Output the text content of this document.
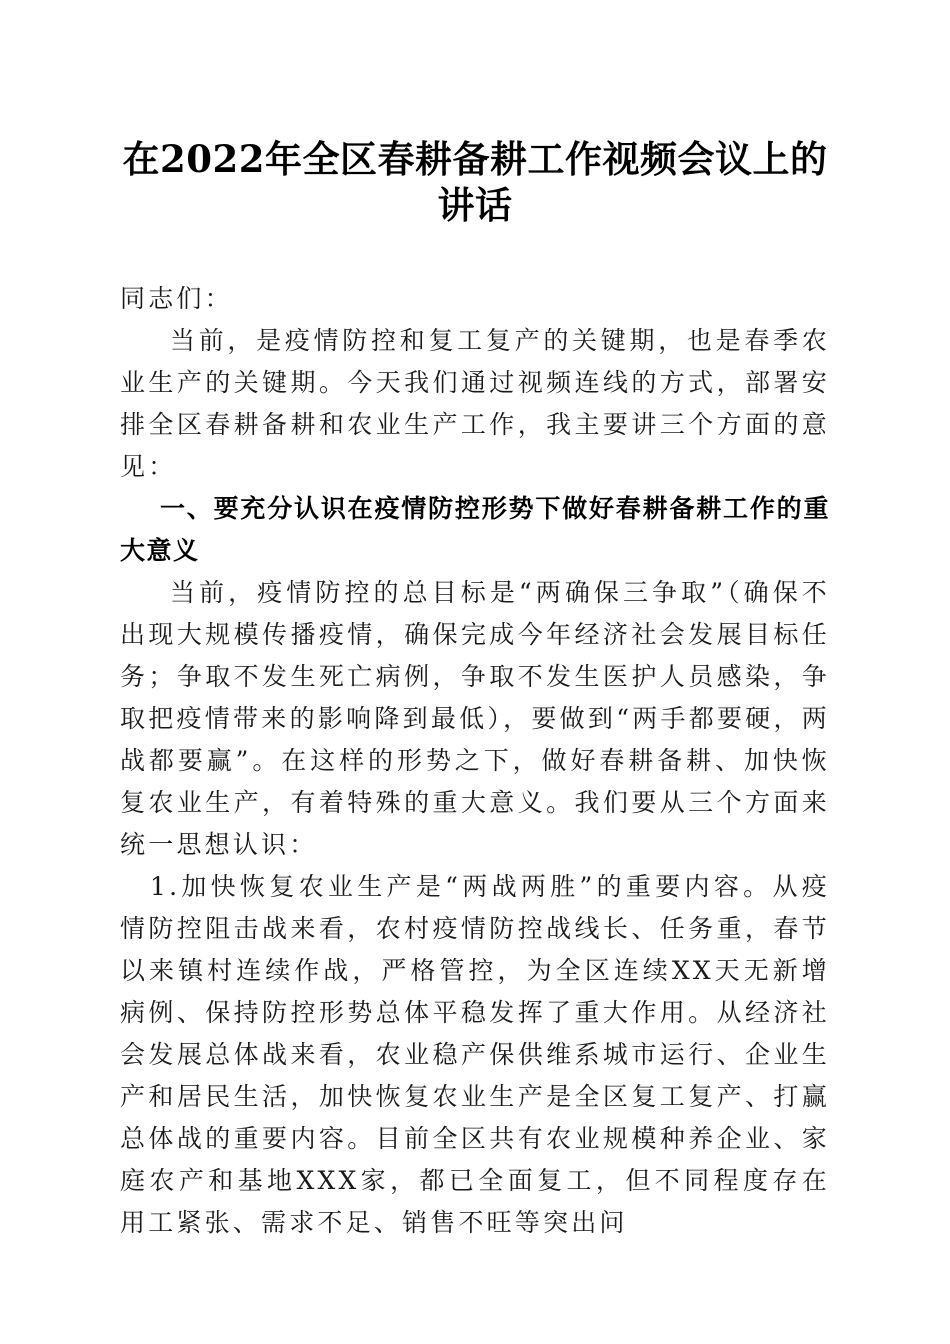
在2022年全区春耕备耕工作视频会议上的讲话

同志们：

当前，是疫情防控和复工复产的关键期，也是春季农业生产的关键期。今天我们通过视频连线的方式，部署安排全区春耕备耕和农业生产工作，我主要讲三个方面的意见：

一、要充分认识在疫情防控形势下做好春耕备耕工作的重大意义

当前，疫情防控的总目标是“两确保三争取”（确保不出现大规模传播疫情，确保完成今年经济社会发展目标任务；争取不发生死亡病例，争取不发生医护人员感染，争取把疫情带来的影响降到最低），要做到“两手都要硬，两战都要赢”。在这样的形势之下，做好春耕备耕、加快恢复农业生产，有着特殊的重大意义。我们要从三个方面来统一思想认识：

1.加快恢复农业生产是“两战两胜”的重要内容。从疫情防控阻击战来看，农村疫情防控战线长、任务重，春节以来镇村连续作战，严格管控，为全区连续XX天无新增病例、保持防控形势总体平稳发挥了重大作用。从经济社会发展总体战来看，农业稳产保供维系城市运行、企业生产和居民生活，加快恢复农业生产是全区复工复产、打赢总体战的重要内容。目前全区共有农业规模种养企业、家庭农产和基地XXX家，都已全面复工，但不同程度存在用工紧张、需求不足、销售不旺等突出问
